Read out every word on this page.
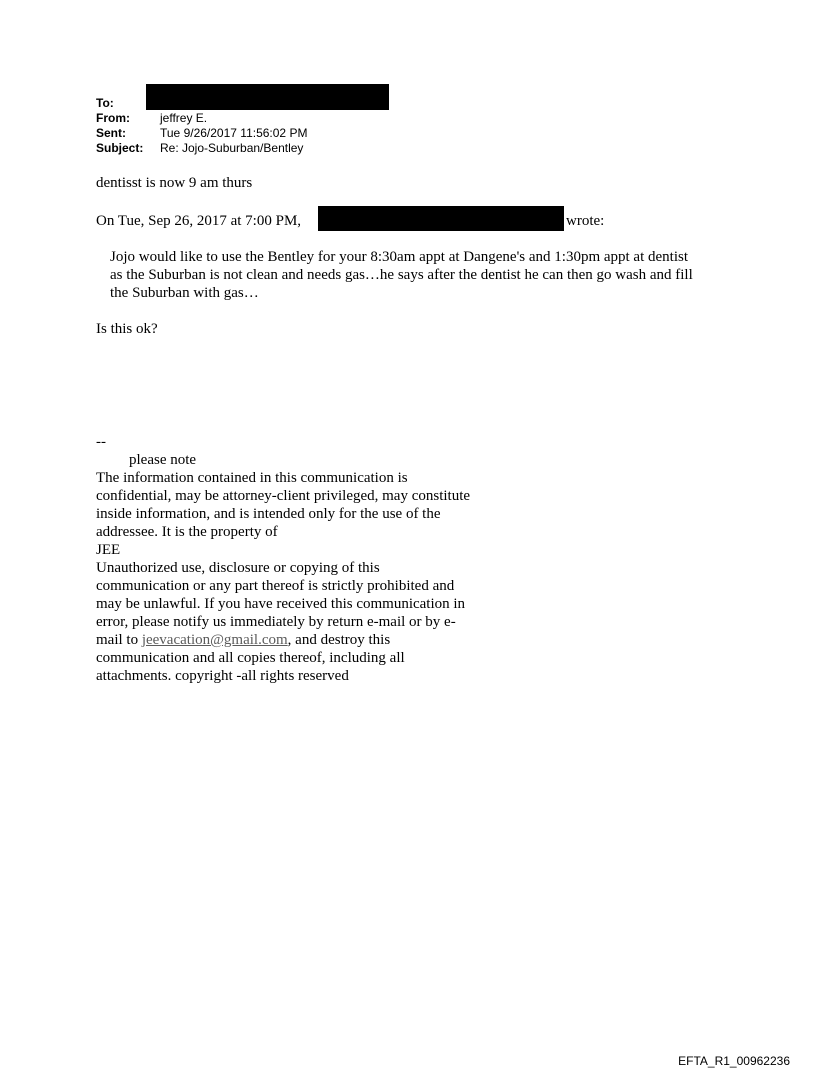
To:
From:	jeffrey E.
Sent:	Tue 9/26/2017 11:56:02 PM
Subject:	Re: Jojo-Suburban/Bentley

dentisst is now 9 am thurs

On Tue, Sep 26, 2017 at 7:00 PM,	wrote:

Jojo would like to use the Bentley for your 8:30am appt at Dangene's and 1:30pm appt at dentist as the Suburban is not clean and needs gas…he says after the dentist he can then go wash and fill the Suburban with gas…

Is this ok?

--
please note
The information contained in this communication is confidential, may be attorney-client privileged, may constitute inside information, and is intended only for the use of the addressee. It is the property of
JEE
Unauthorized use, disclosure or copying of this communication or any part thereof is strictly prohibited and may be unlawful. If you have received this communication in error, please notify us immediately by return e-mail or by e-mail to jeevacation@gmail.com, and destroy this communication and all copies thereof, including all attachments. copyright -all rights reserved
EFTA_R1_00962236
